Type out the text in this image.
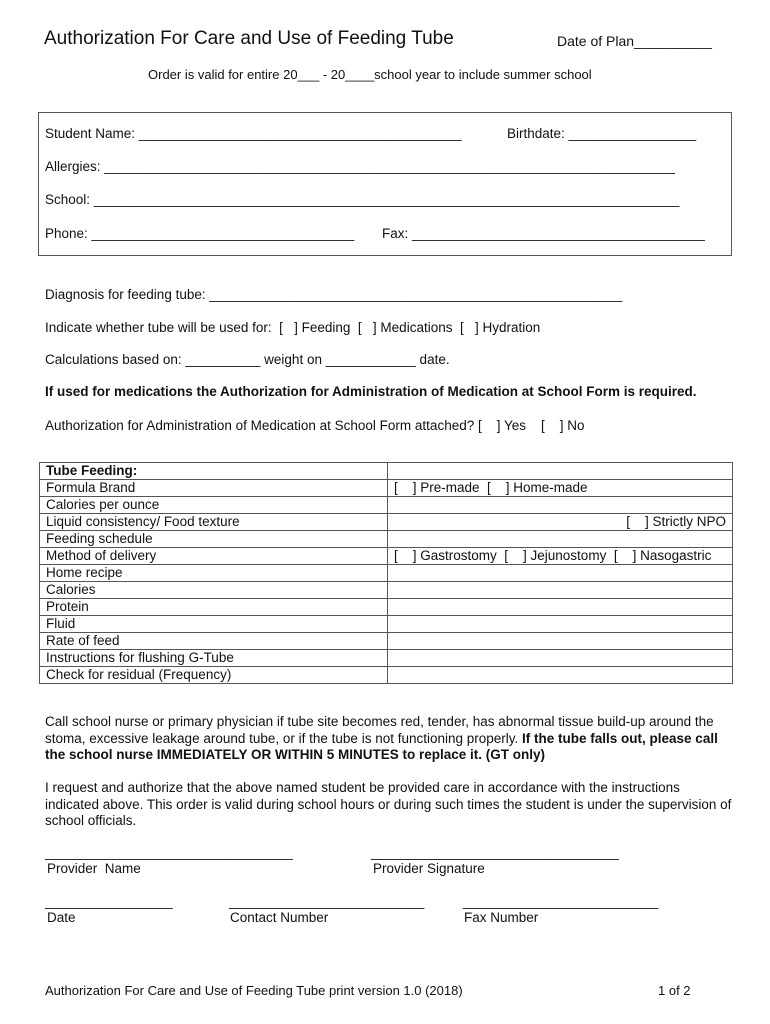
Authorization For Care and Use of Feeding Tube	Date of Plan__________
Order is valid for entire 20___ - 20____school year to include summer school
Student Name: ___________________________________________	Birthdate: _________________
Allergies: ____________________________________________________________________________
School: ______________________________________________________________________________
Phone: ___________________________________ Fax: _______________________________________
Diagnosis for feeding tube: _______________________________________________________
Indicate whether tube will be used for:  [   ] Feeding  [   ] Medications  [   ] Hydration
Calculations based on: __________ weight on ____________ date.
If used for medications the Authorization for Administration of Medication at School Form is required.
Authorization for Administration of Medication at School Form attached? [    ] Yes    [    ] No
Tube Feeding:	
Formula Brand	[    ] Pre-made  [    ] Home-made
Calories per ounce	
Liquid consistency/ Food texture	[    ] Strictly NPO
Feeding schedule	
Method of delivery	[    ] Gastrostomy  [    ] Jejunostomy  [    ] Nasogastric
Home recipe	
Calories	
Protein	
Fluid	
Rate of feed	
Instructions for flushing G-Tube	
Check for residual (Frequency)	
Call school nurse or primary physician if tube site becomes red, tender, has abnormal tissue build-up around the stoma, excessive leakage around tube, or if the tube is not functioning properly. If the tube falls out, please call the school nurse IMMEDIATELY OR WITHIN 5 MINUTES to replace it. (GT only)
I request and authorize that the above named student be provided care in accordance with the instructions indicated above. This order is valid during school hours or during such times the student is under the supervision of school officials.
_________________________________
Provider  Name
_________________________________
Provider Signature
_________________
Date
__________________________
Contact Number
__________________________
Fax Number
Authorization For Care and Use of Feeding Tube print version 1.0 (2018)	1 of 2
